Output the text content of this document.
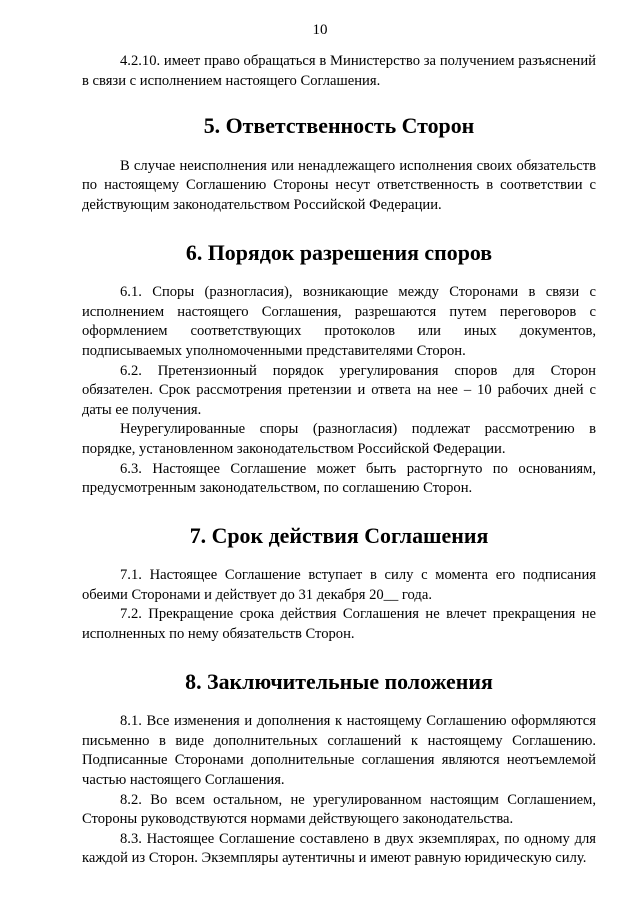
10

4.2.10. имеет право обращаться в Министерство за получением разъяснений в связи с исполнением настоящего Соглашения.

5. Ответственность Сторон

В случае неисполнения или ненадлежащего исполнения своих обязательств по настоящему Соглашению Стороны несут ответственность в соответствии с действующим законодательством Российской Федерации.

6. Порядок разрешения споров

6.1. Споры (разногласия), возникающие между Сторонами в связи с исполнением настоящего Соглашения, разрешаются путем переговоров с оформлением соответствующих протоколов или иных документов, подписываемых уполномоченными представителями Сторон.

6.2. Претензионный порядок урегулирования споров для Сторон обязателен. Срок рассмотрения претензии и ответа на нее – 10 рабочих дней с даты ее получения.

Неурегулированные споры (разногласия) подлежат рассмотрению в порядке, установленном законодательством Российской Федерации.

6.3. Настоящее Соглашение может быть расторгнуто по основаниям, предусмотренным законодательством, по соглашению Сторон.

7. Срок действия Соглашения

7.1. Настоящее Соглашение вступает в силу с момента его подписания обеими Сторонами и действует до 31 декабря 20__ года.

7.2. Прекращение срока действия Соглашения не влечет прекращения не исполненных по нему обязательств Сторон.

8. Заключительные положения

8.1. Все изменения и дополнения к настоящему Соглашению оформляются письменно в виде дополнительных соглашений к настоящему Соглашению. Подписанные Сторонами дополнительные соглашения являются неотъемлемой частью настоящего Соглашения.

8.2. Во всем остальном, не урегулированном настоящим Соглашением, Стороны руководствуются нормами действующего законодательства.

8.3. Настоящее Соглашение составлено в двух экземплярах, по одному для каждой из Сторон. Экземпляры аутентичны и имеют равную юридическую силу.
